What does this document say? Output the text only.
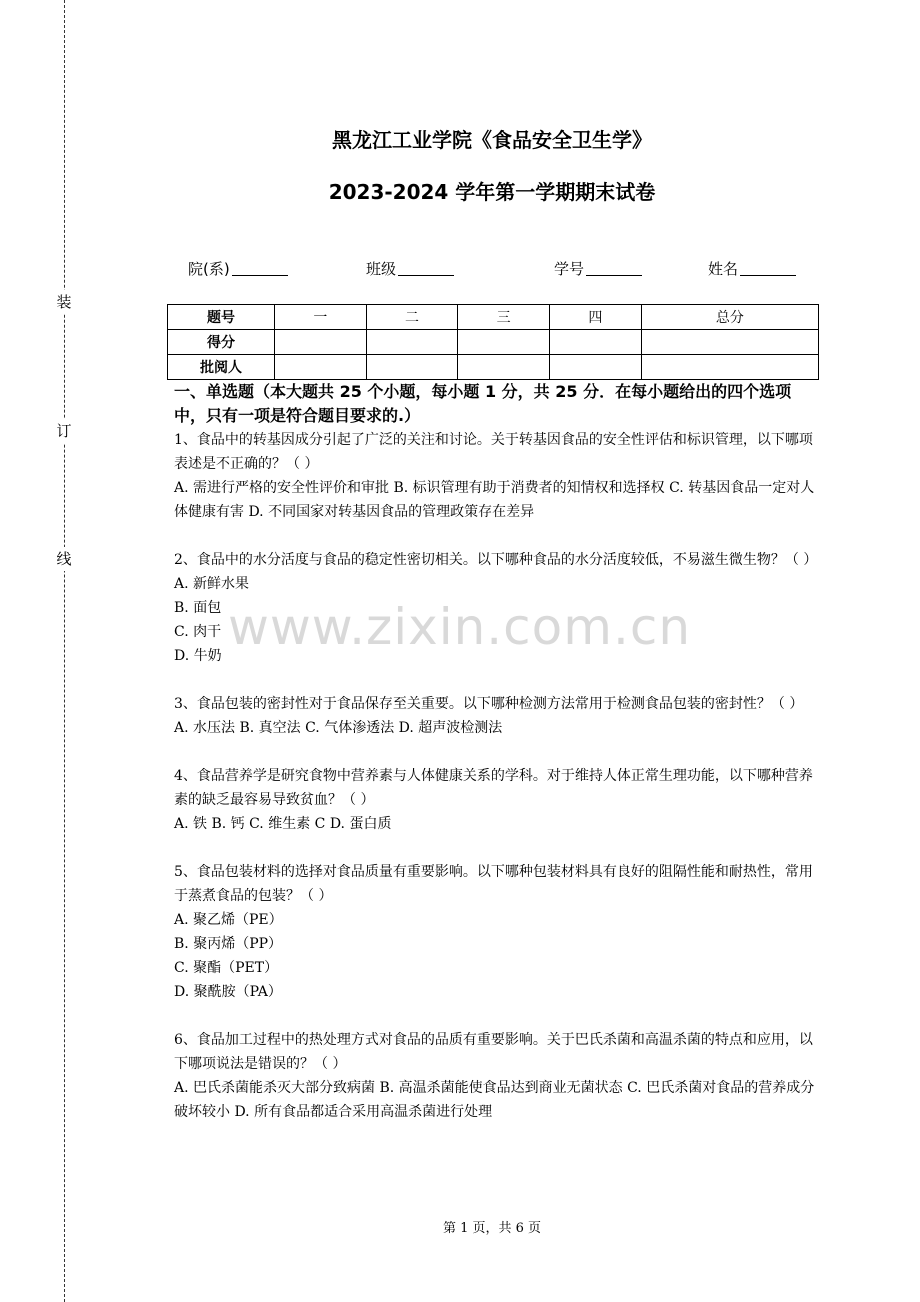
装
订
线
黑龙江工业学院《食品安全卫生学》
2023-2024 学年第一学期期末试卷
院(系)	班级	学号	姓名
题号	一	二	三	四	总分
得分					
批阅人					

一、单选题（本大题共 25 个小题，每小题 1 分，共 25 分．在每小题给出的四个选项中，只有一项是符合题目要求的.）

1、食品中的转基因成分引起了广泛的关注和讨论。关于转基因食品的安全性评估和标识管理，以下哪项表述是不正确的？（ ）

A. 需进行严格的安全性评价和审批 B. 标识管理有助于消费者的知情权和选择权 C. 转基因食品一定对人体健康有害 D. 不同国家对转基因食品的管理政策存在差异

2、食品中的水分活度与食品的稳定性密切相关。以下哪种食品的水分活度较低，不易滋生微生物？（ ）

A. 新鲜水果

B. 面包

C. 肉干

D. 牛奶

3、食品包装的密封性对于食品保存至关重要。以下哪种检测方法常用于检测食品包装的密封性？（ ）

A. 水压法 B. 真空法 C. 气体渗透法 D. 超声波检测法

4、食品营养学是研究食物中营养素与人体健康关系的学科。对于维持人体正常生理功能，以下哪种营养素的缺乏最容易导致贫血？（ ）

A. 铁 B. 钙 C. 维生素 C D. 蛋白质

5、食品包装材料的选择对食品质量有重要影响。以下哪种包装材料具有良好的阻隔性能和耐热性，常用于蒸煮食品的包装？（ ）

A. 聚乙烯（PE）

B. 聚丙烯（PP）

C. 聚酯（PET）

D. 聚酰胺（PA）

6、食品加工过程中的热处理方式对食品的品质有重要影响。关于巴氏杀菌和高温杀菌的特点和应用，以下哪项说法是错误的？（ ）

A. 巴氏杀菌能杀灭大部分致病菌 B. 高温杀菌能使食品达到商业无菌状态 C. 巴氏杀菌对食品的营养成分破坏较小 D. 所有食品都适合采用高温杀菌进行处理

www.zixin.com.cn
第 1 页，共 6 页
